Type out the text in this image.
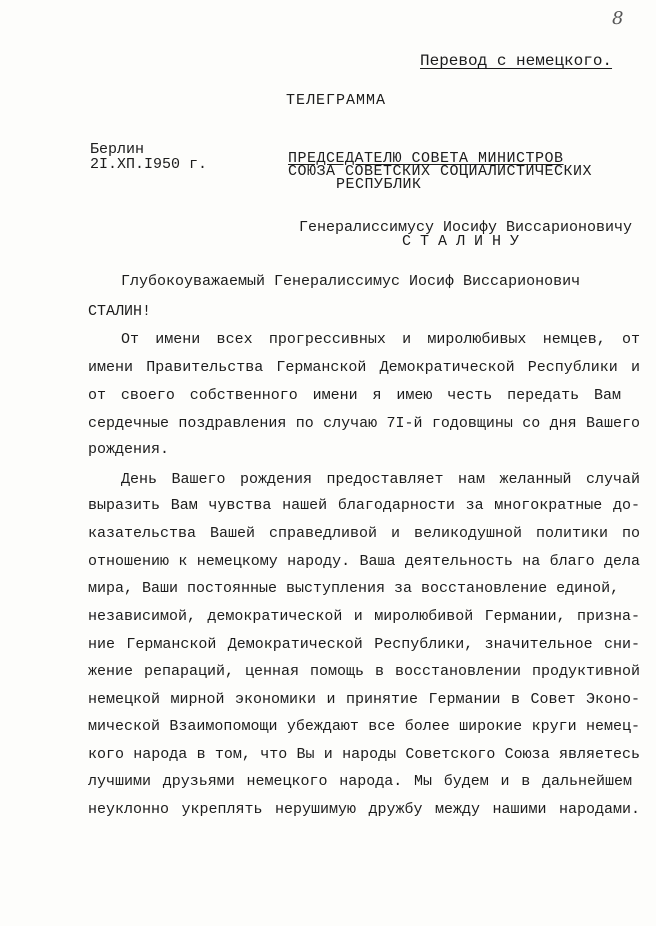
8
Перевод с немецкого.
ТЕЛЕГРАММА
Берлин
2I.XП.I950 г.	ПРЕДСЕДАТЕЛЮ СОВЕТА МИНИСТРОВ
СОЮЗА СОВЕТСКИХ СОЦИАЛИСТИЧЕСКИХ
РЕСПУБЛИК
Генералиссимусу Иосифу Виссарионовичу
СТАЛИНУ
Глубокоуважаемый Генералиссимус Иосиф Виссарионович
СТАЛИН!
От имени всех прогрессивных и миролюбивых немцев, от
имени Правительства Германской Демократической Республики и
от своего собственного имени я имею честь передать Вам
сердечные поздравления по случаю 7I-й годовщины со дня Вашего
рождения.
День Вашего рождения предоставляет нам желанный случай
выразить Вам чувства нашей благодарности за многократные до-
казательства Вашей справедливой и великодушной политики по
отношению к немецкому народу. Ваша деятельность на благо дела
мира, Ваши постоянные выступления за восстановление единой,
независимой, демократической и миролюбивой Германии, призна-
ние Германской Демократической Республики, значительное сни-
жение репараций, ценная помощь в восстановлении продуктивной
немецкой мирной экономики и принятие Германии в Совет Эконо-
мической Взаимопомощи убеждают все более широкие круги немец-
кого народа в том, что Вы и народы Советского Союза являетесь
лучшими друзьями немецкого народа. Мы будем и в дальнейшем
неуклонно укреплять нерушимую дружбу между нашими народами.
